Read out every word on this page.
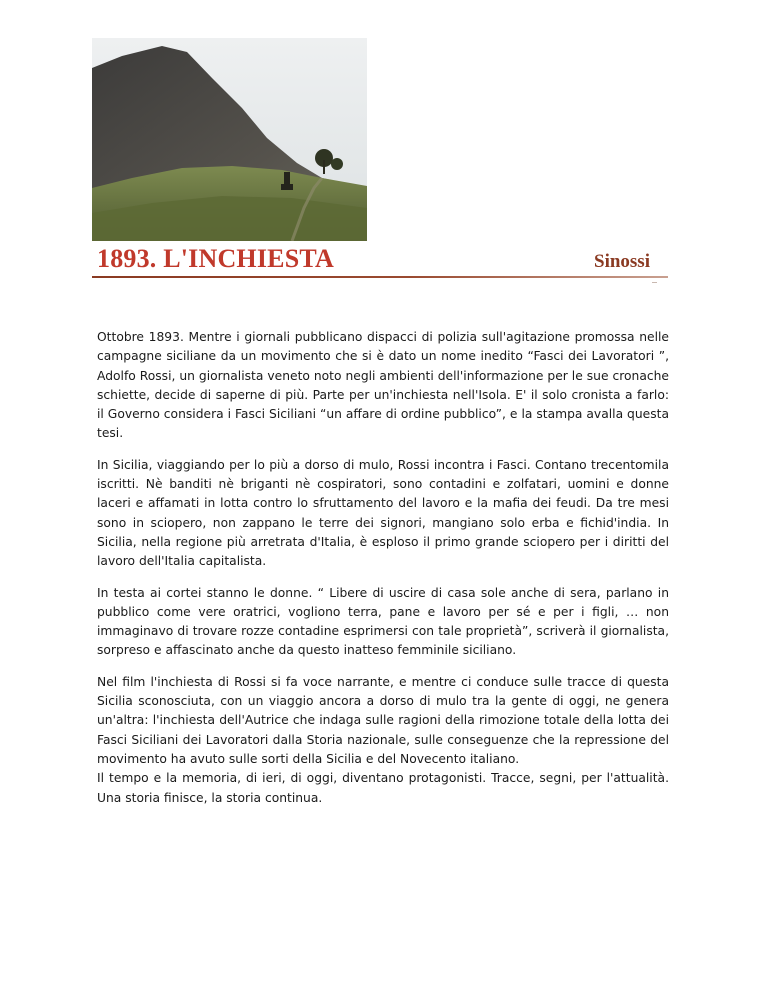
1893. L'INCHIESTA	Sinossi

Ottobre 1893. Mentre i giornali pubblicano dispacci di polizia sull'agitazione promossa nelle campagne siciliane da un movimento che si è dato un nome inedito “Fasci dei Lavoratori ”, Adolfo Rossi, un giornalista veneto noto negli ambienti dell'informazione per le sue cronache schiette, decide di saperne di più. Parte per un'inchiesta nell'Isola. E' il solo cronista a farlo: il Governo considera i Fasci Siciliani “un affare di ordine pubblico”, e la stampa avalla questa tesi.

In Sicilia, viaggiando per lo più a dorso di mulo, Rossi incontra i Fasci. Contano trecentomila iscritti. Nè banditi nè briganti nè cospiratori, sono contadini e zolfatari, uomini e donne laceri e affamati in lotta contro lo sfruttamento del lavoro e la mafia dei feudi. Da tre mesi sono in sciopero, non zappano le terre dei signori, mangiano solo erba e fichid'india. In Sicilia, nella regione più arretrata d'Italia, è esploso il primo grande sciopero per i diritti del lavoro dell'Italia capitalista.

In testa ai cortei stanno le donne. “ Libere di uscire di casa sole anche di sera, parlano in pubblico come vere oratrici, vogliono terra, pane e lavoro per sé e per i figli, … non immaginavo di trovare rozze contadine esprimersi con tale proprietà”, scriverà il giornalista, sorpreso e affascinato anche da questo inatteso femminile siciliano.

Nel film l'inchiesta di Rossi si fa voce narrante, e mentre ci conduce sulle tracce di questa Sicilia sconosciuta, con un viaggio ancora a dorso di mulo tra la gente di oggi, ne genera un'altra: l'inchiesta dell'Autrice che indaga sulle ragioni della rimozione totale della lotta dei Fasci Siciliani dei Lavoratori dalla Storia nazionale, sulle conseguenze che la repressione del movimento ha avuto sulle sorti della Sicilia e del Novecento italiano.

Il tempo e la memoria, di ieri, di oggi, diventano protagonisti. Tracce, segni, per l'attualità. Una storia finisce, la storia continua.
